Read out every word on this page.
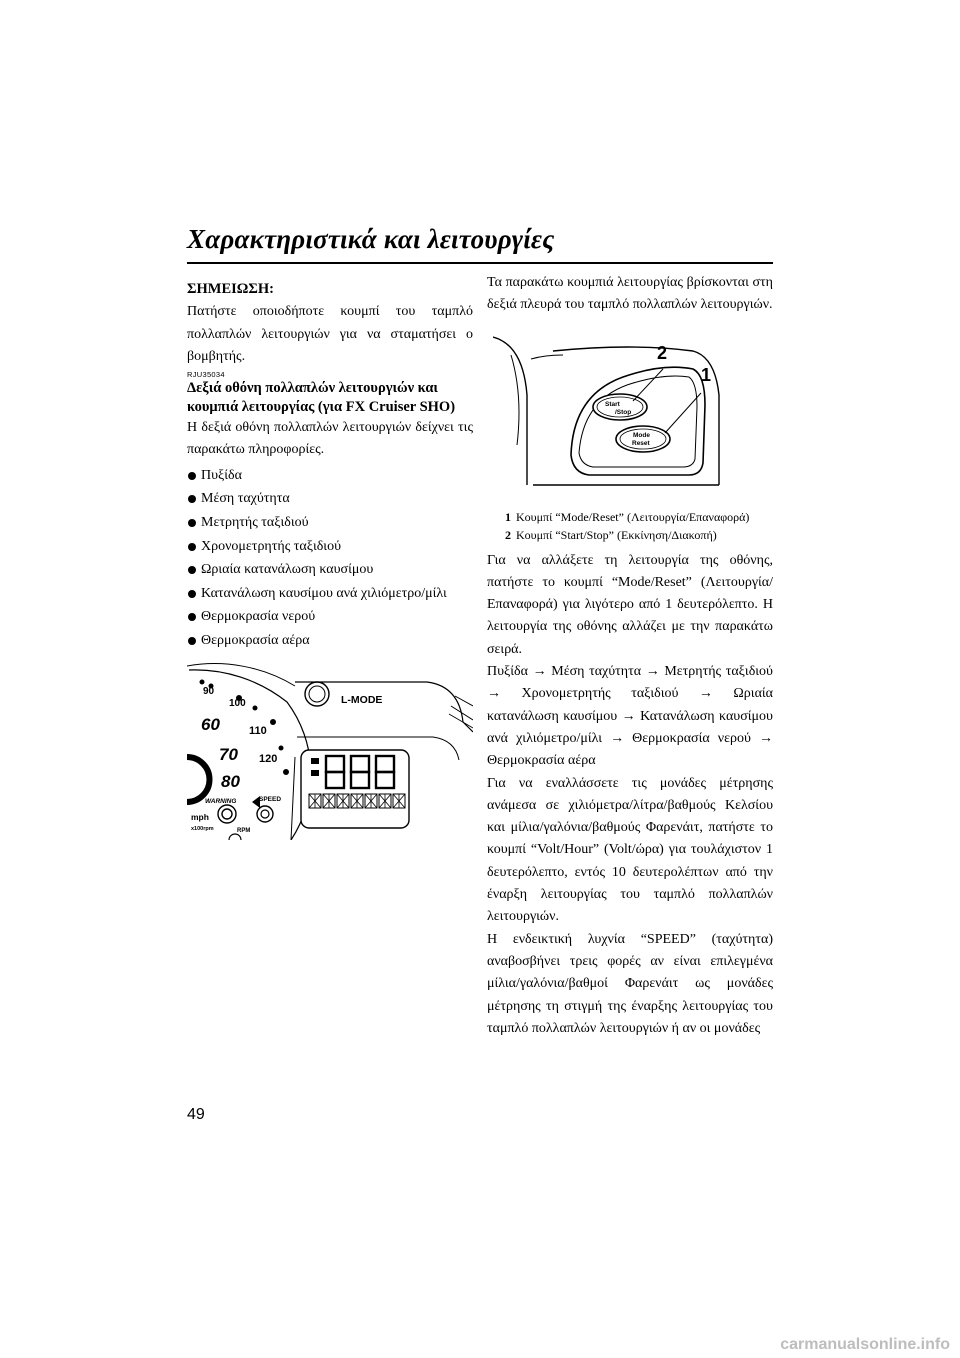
Χαρακτηριστικά και λειτουργίες
ΣΗΜΕΙΩΣΗ:
Πατήστε οποιοδήποτε κουμπί του ταμπλό πολλαπλών λειτουργιών για να σταματήσει ο βομβητής.
RJU35034
Δεξιά οθόνη πολλαπλών λειτουργιών και κουμπιά λειτουργίας (για FX Cruiser SHO)
Η δεξιά οθόνη πολλαπλών λειτουργιών δείχνει τις παρακάτω πληροφορίες.
Πυξίδα
Μέση ταχύτητα
Μετρητής ταξιδιού
Χρονομετρητής ταξιδιού
Ωριαία κατανάλωση καυσίμου
Κατανάλωση καυσίμου ανά χιλιόμετρο/μίλι
Θερμοκρασία νερού
Θερμοκρασία αέρα
90
100
60	110
70 120
80
WARNING	SPEED
mph
x100rpm	RPM
L-MODE
Τα παρακάτω κουμπιά λειτουργίας βρίσκονται στη δεξιά πλευρά του ταμπλό πολλαπλών λειτουργιών.
Start
/Stop
Mode
Reset
2
1
1 Κουμπί “Mode/Reset” (Λειτουργία/Επαναφορά)
2 Κουμπί “Start/Stop” (Εκκίνηση/Διακοπή)
Για να αλλάξετε τη λειτουργία της οθόνης, πατήστε το κουμπί “Mode/Reset” (Λειτουργία/Επαναφορά) για λιγότερο από 1 δευτερόλεπτο. Η λειτουργία της οθόνης αλλάζει με την παρακάτω σειρά.
Πυξίδα → Μέση ταχύτητα → Μετρητής ταξιδιού → Χρονομετρητής ταξιδιού → Ωριαία κατανάλωση καυσίμου → Κατανάλωση καυσίμου ανά χιλιόμετρο/μίλι → Θερμοκρασία νερού → Θερμοκρασία αέρα
Για να εναλλάσσετε τις μονάδες μέτρησης ανάμεσα σε χιλιόμετρα/λίτρα/βαθμούς Κελσίου και μίλια/γαλόνια/βαθμούς Φαρενάιτ, πατήστε το κουμπί “Volt/Hour” (Volt/ώρα) για τουλάχιστον 1 δευτερόλεπτο, εντός 10 δευτερολέπτων από την έναρξη λειτουργίας του ταμπλό πολλαπλών λειτουργιών.
Η ενδεικτική λυχνία “SPEED” (ταχύτητα) αναβοσβήνει τρεις φορές αν είναι επιλεγμένα μίλια/γαλόνια/βαθμοί Φαρενάιτ ως μονάδες μέτρησης τη στιγμή της έναρξης λειτουργίας του ταμπλό πολλαπλών λειτουργιών ή αν οι μονάδες
49
carmanualsonline.info
